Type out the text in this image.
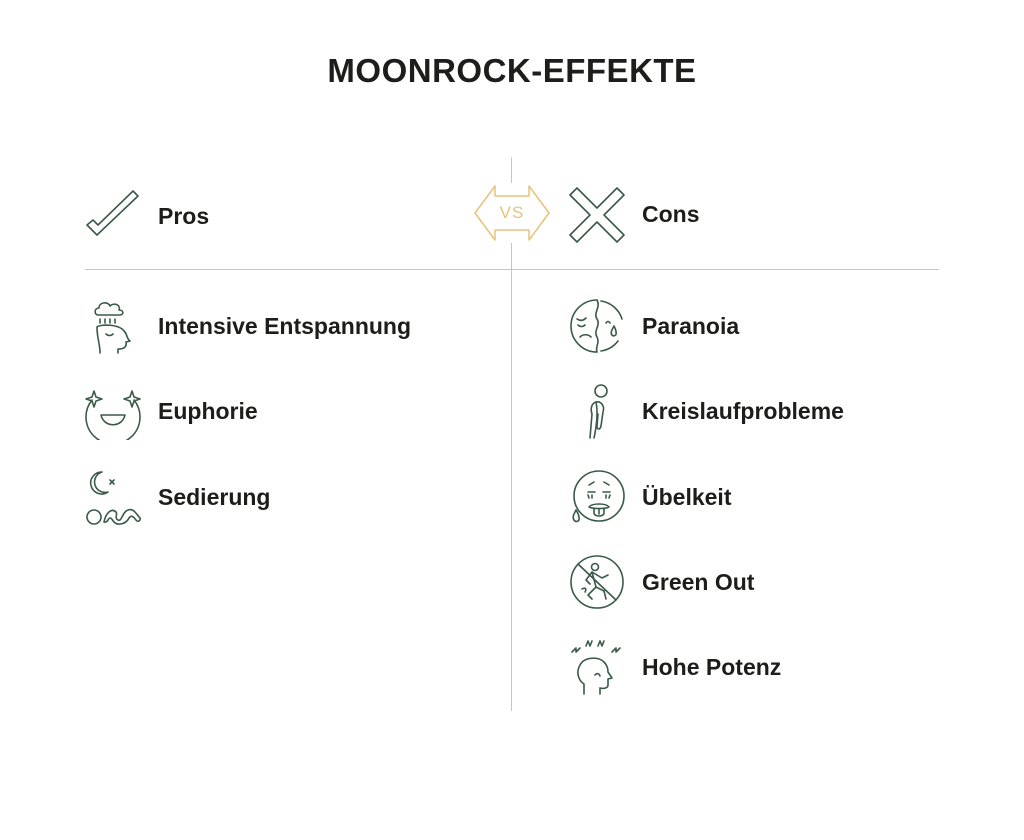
MOONROCK-EFFEKTE
VS
Pros	Cons
Intensive Entspannung
Euphorie
Sedierung
Paranoia
Kreislaufprobleme
Übelkeit
Green Out
Hohe Potenz
